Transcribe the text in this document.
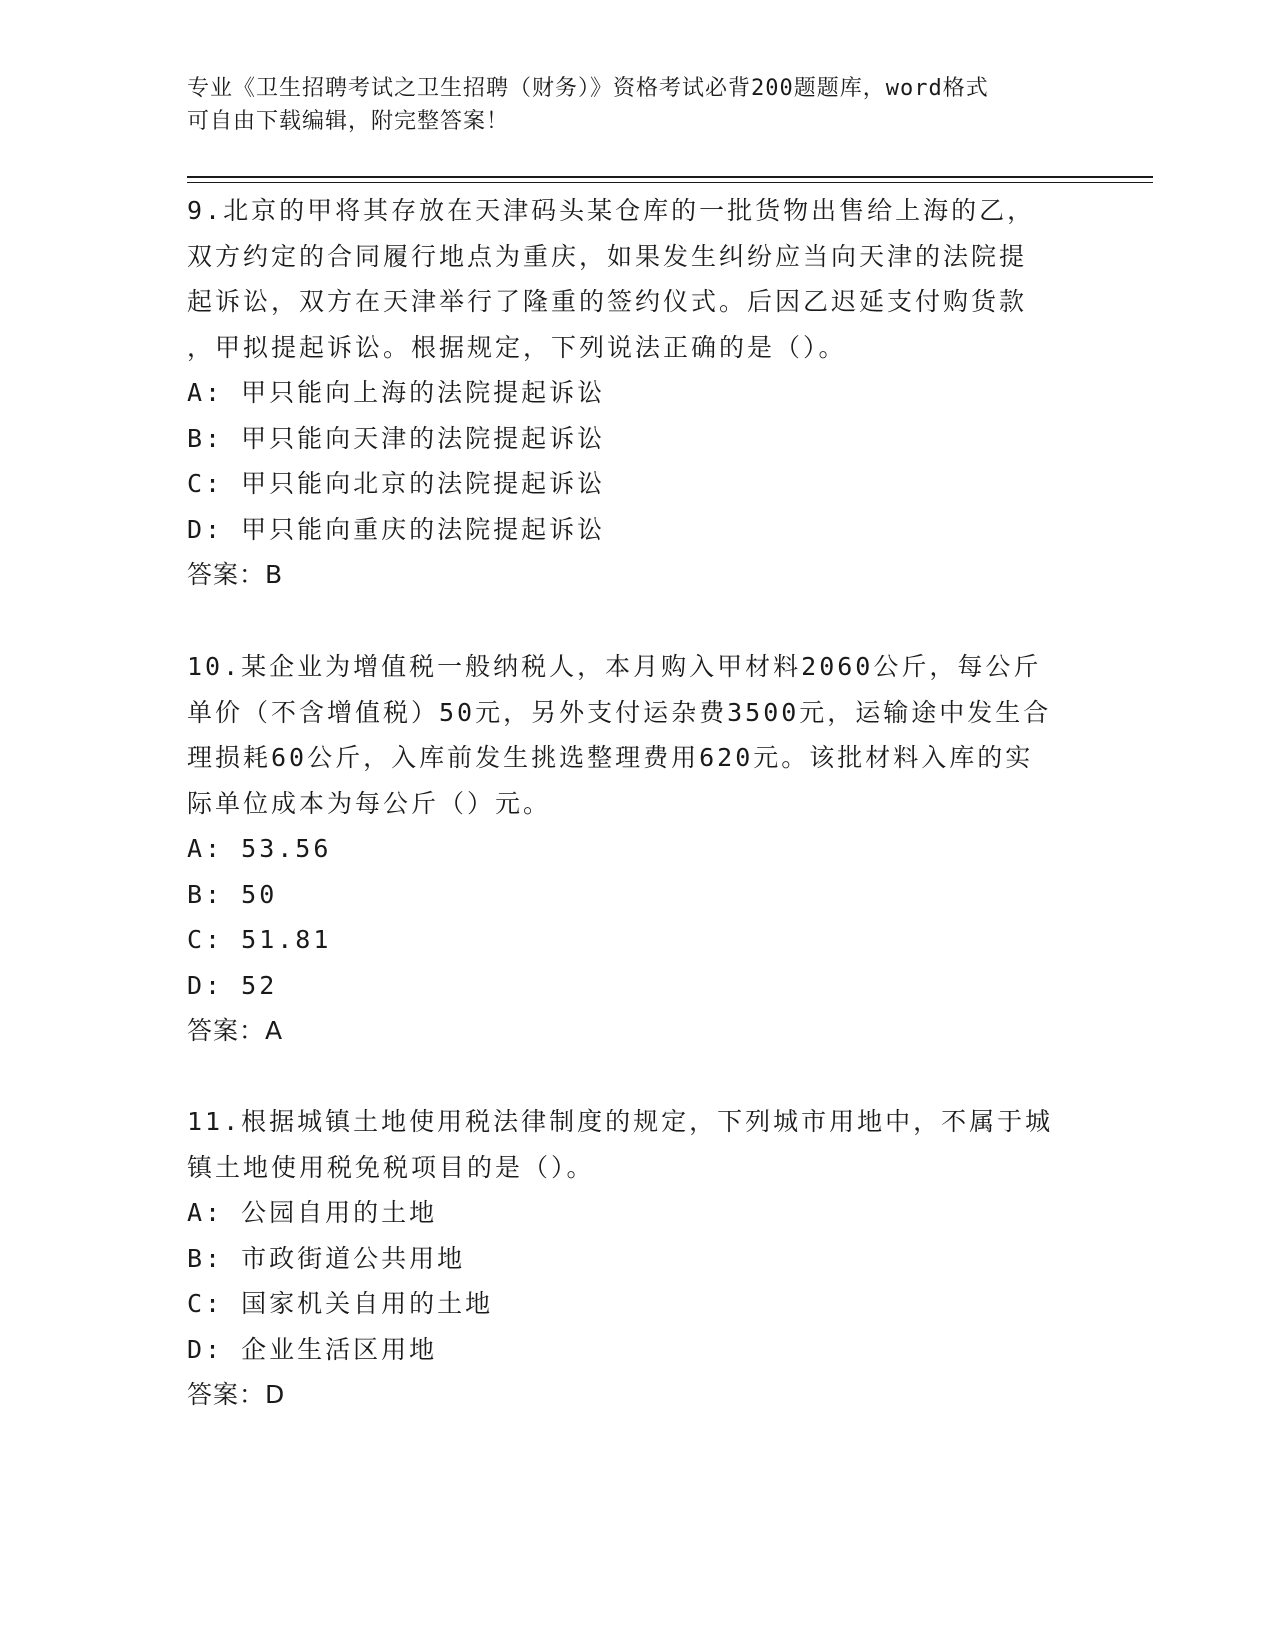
专业《卫生招聘考试之卫生招聘（财务）》资格考试必背200题题库，word格式

可自由下载编辑，附完整答案！

9.北京的甲将其存放在天津码头某仓库的一批货物出售给上海的乙，
双方约定的合同履行地点为重庆，如果发生纠纷应当向天津的法院提
起诉讼，双方在天津举行了隆重的签约仪式。后因乙迟延支付购货款
，甲拟提起诉讼。根据规定，下列说法正确的是（）。

A: 甲只能向上海的法院提起诉讼
B: 甲只能向天津的法院提起诉讼
C: 甲只能向北京的法院提起诉讼
D: 甲只能向重庆的法院提起诉讼

答案：B

10.某企业为增值税一般纳税人，本月购入甲材料2060公斤，每公斤
单价（不含增值税）50元，另外支付运杂费3500元，运输途中发生合
理损耗60公斤，入库前发生挑选整理费用620元。该批材料入库的实
际单位成本为每公斤（）元。

A: 53.56
B: 50
C: 51.81
D: 52

答案：A

11.根据城镇土地使用税法律制度的规定，下列城市用地中，不属于城
镇土地使用税免税项目的是（）。

A: 公园自用的土地
B: 市政街道公共用地
C: 国家机关自用的土地
D: 企业生活区用地

答案：D
